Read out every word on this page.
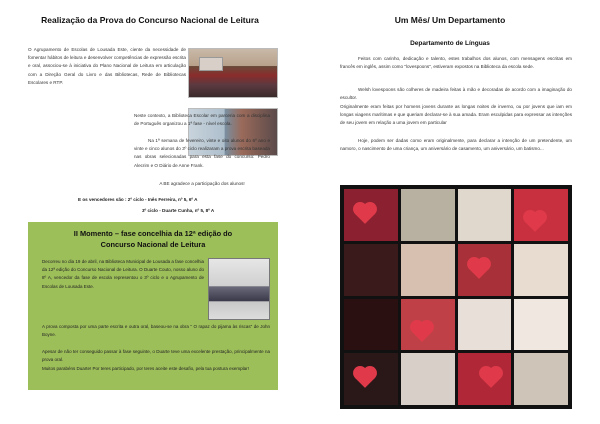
Realização da Prova do Concurso Nacional de Leitura
O Agrupamento de Escolas de Lousada Este, ciente da necessidade de fomentar hábitos de leitura e desenvolver competências de expressão escrita e oral, associou-se à iniciativa do Plano Nacional de Leitura em articulação com a Direção Geral do Livro e das Bibliotecas, Rede de Bibliotecas Escolares e RTP.
Neste contexto, a Biblioteca Escolar em parceria com a disciplina de Português organizou a 1ª fase - nível escola.
Na 1ª semana de fevereiro, vinte e oito alunos do 6º ano e vinte e cinco alunos do 3º ciclo realizaram a prova escrita baseada nas obras selecionadas para esta fase do concurso: Pedro Alecrim e O Diário de Anne Frank.
A BE agradece a participação dos alunos!
E os vencedores são : 2º ciclo - Inês Ferreira, nº 5, 6º A
3º ciclo - Duarte Cunha, nº 5, 8º A
II Momento – fase concelhia da 12ª edição do
Concurso Nacional de Leitura
Decorreu no dia 19 de abril, na Biblioteca Municipal de Lousada a fase concelhia da 12ª edição do Concurso Nacional de Leitura. O Duarte Couto, nosso aluno do 8º A, vencedor da fase de escola representou o 3º ciclo e o Agrupamento de Escolas de Lousada Este.
A prova composta por uma parte escrita e outra oral, baseou-se na obra " O rapaz do pijama às riscas" de John Boyne.
Apesar de não ter conseguido passar à fase seguinte, o Duarte teve uma excelente prestação, principalmente na prova oral.
Muitos parabéns Duarte! Por teres participado, por teres aceite este desafio, pela tua postura exemplar!
Um Mês/ Um Departamento
Departamento de Línguas
Feitos com carinho, dedicação e talento, estes trabalhos dos alunos, com mensagens escritas em francês em inglês, assim como "lovespoons", estiveram expostos na Biblioteca da escola sede.
Welsh lovespoons são colheres de madeira feitas à mão e decoradas de acordo com a imaginação do escultor.
Originalmente eram feitas por homens jovens durante as longas noites de inverno, ou por jovens que iam em longas viagens marítimas e que queriam declarar-se à sua amada. Eram esculpidas para expressar as intenções de seu jovem em relação a uma jovem em particular
Hoje, podem ser dadas como eram originalmente, para declarar a intenção de um pretendente, um namoro, o nascimento de uma criança, um aniversário de casamento, um aniversário, um batismo...
